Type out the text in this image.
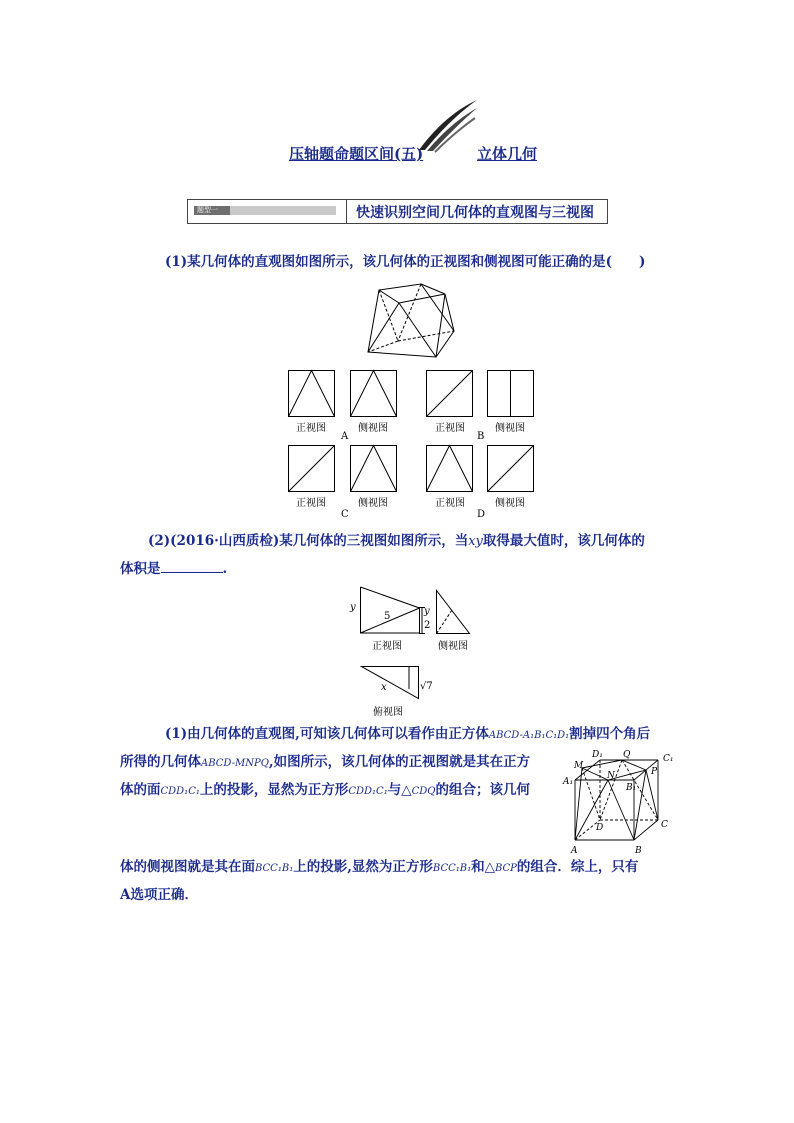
压轴题命题区间(五)	立体几何
题型一	快速识别空间几何体的直观图与三视图
(1)某几何体的直观图如图所示，该几何体的正视图和侧视图可能正确的是(　　)
正视图	侧视图
A
正视图	侧视图
B
正视图	侧视图
C
正视图	侧视图
D
(2)(2016·山西质检)某几何体的三视图如图所示，当xy取得最大值时，该几何体的
体积是	.
y
5	y
2
正视图	侧视图
x	√7
俯视图
(1)由几何体的直观图,可知该几何体可以看作由正方体ABCD-A₁B₁C₁D₁割掉四个角后
所得的几何体ABCD-MNPQ,如图所示，该几何体的正视图就是其在正方
体的面CDD₁C₁上的投影，显然为正方形CDD₁C₁与△CDQ的组合；该几何
体的侧视图就是其在面BCC₁B₁上的投影,显然为正方形BCC₁B₁和△BCP的组合．综上，只有
A选项正确．
D₁ Q	C₁
M
P
A₁
N
B₁
D	C
A	B
